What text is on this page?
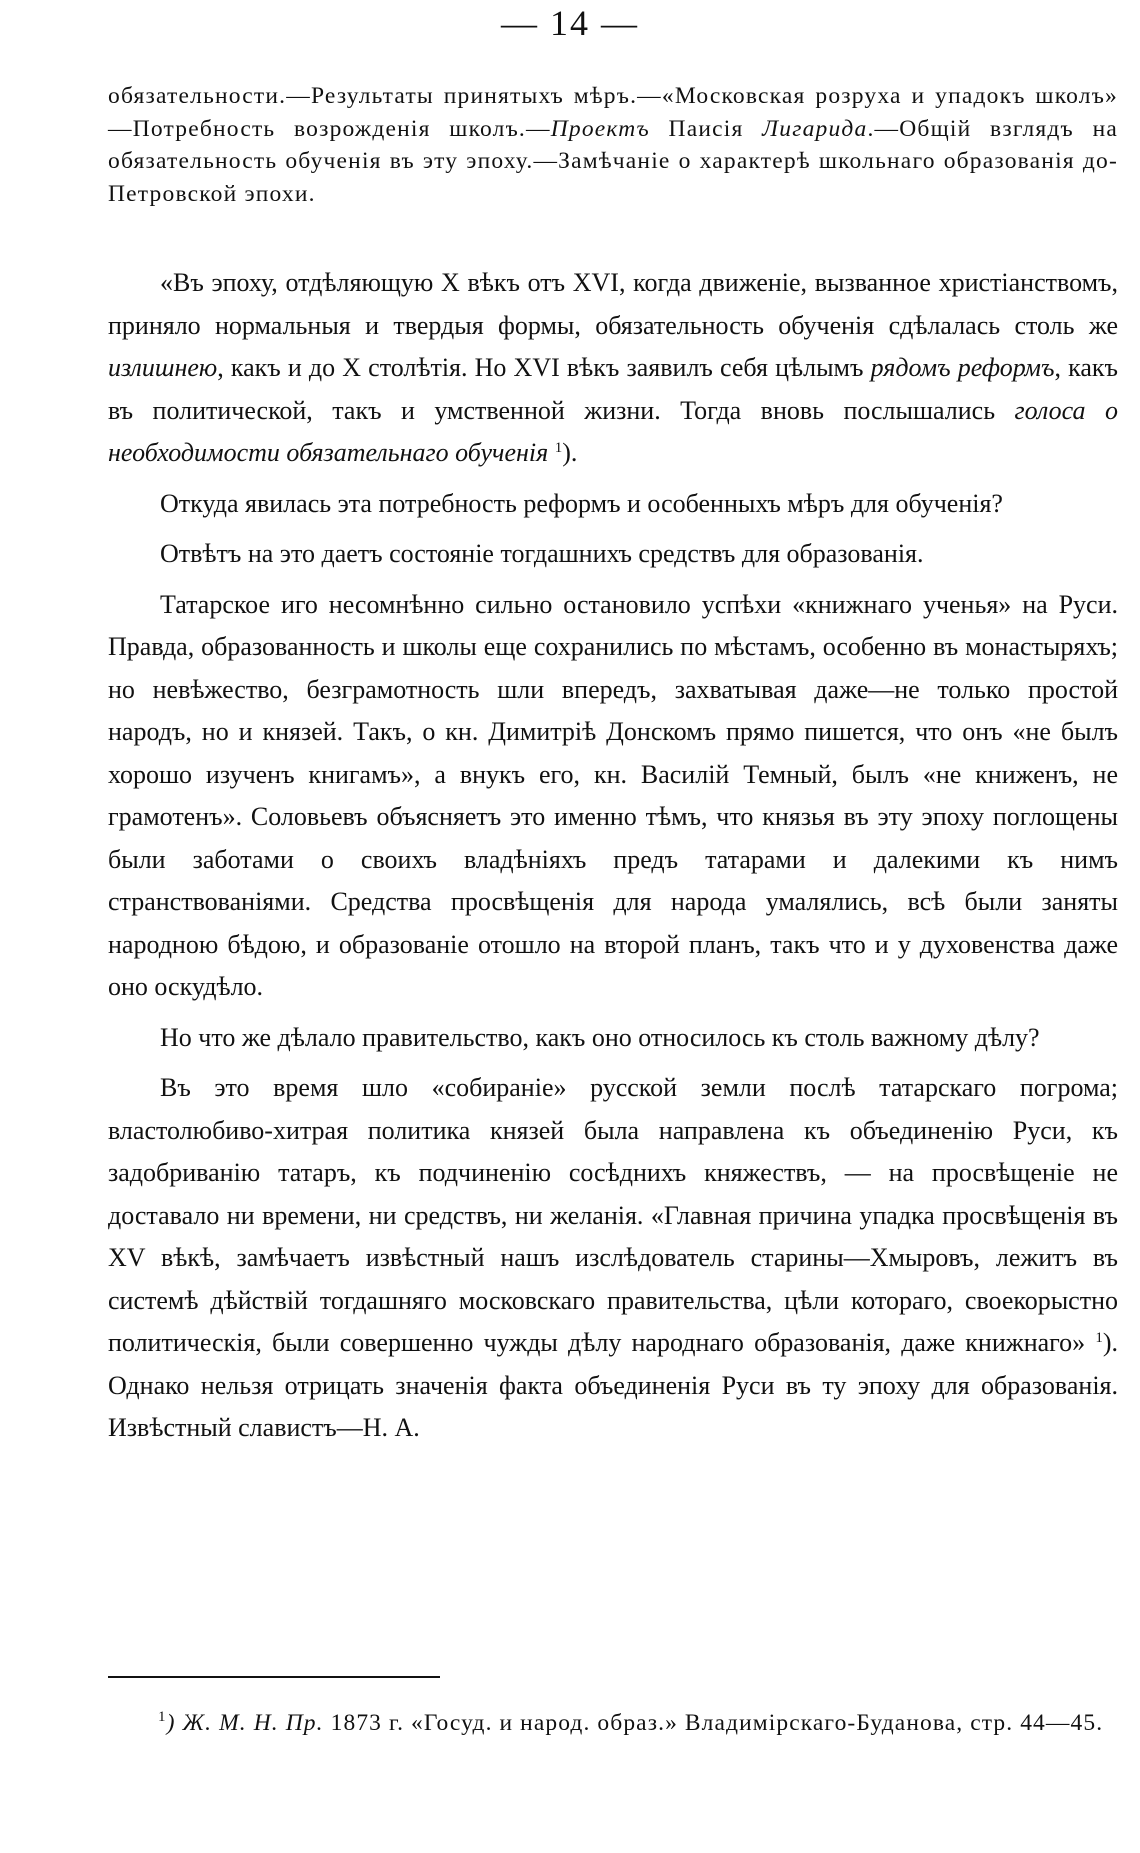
— 14 —
обязательности.—Результаты принятыхъ мѣръ.—«Московская розруха и упадокъ школъ» —Потребность возрожденія школъ.—Проектъ Паисія Лигарида.—Общій взглядъ на обязательность обученія въ эту эпоху.—Замѣчаніе о характерѣ школьнаго образованія до-Петровской эпохи.

«Въ эпоху, отдѣляющую X вѣкъ отъ XVI, когда движеніе, вызванное христіанствомъ, приняло нормальныя и твердыя формы, обязательность обученія сдѣлалась столь же излишнею, какъ и до X столѣтія. Но XVI вѣкъ заявилъ себя цѣлымъ рядомъ реформъ, какъ въ политической, такъ и умственной жизни. Тогда вновь послышались голоса о необходимости обязательнаго обученія $^1$).

Откуда явилась эта потребность реформъ и особенныхъ мѣръ для обученія?

Отвѣтъ на это даетъ состояніе тогдашнихъ средствъ для образованія.

Татарское иго несомнѣнно сильно остановило успѣхи «книжнаго ученья» на Руси. Правда, образованность и школы еще сохранились по мѣстамъ, особенно въ монастыряхъ; но невѣжество, безграмотность шли впередъ, захватывая даже—не только простой народъ, но и князей. Такъ, о кн. Димитріѣ Донскомъ прямо пишется, что онъ «не былъ хорошо изученъ книгамъ», а внукъ его, кн. Василій Темный, былъ «не книженъ, не грамотенъ». Соловьевъ объясняетъ это именно тѣмъ, что князья въ эту эпоху поглощены были заботами о своихъ владѣніяхъ предъ татарами и далекими къ нимъ странствованіями. Средства просвѣщенія для народа умалялись, всѣ были заняты народною бѣдою, и образованіе отошло на второй планъ, такъ что и у духовенства даже оно оскудѣло.

Но что же дѣлало правительство, какъ оно относилось къ столь важному дѣлу?

Въ это время шло «собираніе» русской земли послѣ татарскаго погрома; властолюбиво-хитрая политика князей была направлена къ объединенію Руси, къ задобриванію татаръ, къ подчиненію сосѣднихъ княжествъ, — на просвѣщеніе не доставало ни времени, ни средствъ, ни желанія. «Главная причина упадка просвѣщенія въ XV вѣкѣ, замѣчаетъ извѣстный нашъ изслѣдователь старины—Хмыровъ, лежитъ въ системѣ дѣйствій тогдашняго московскаго правительства, цѣли котораго, своекорыстно политическія, были совершенно чужды дѣлу народнаго образованія, даже книжнаго» $^1$). Однако нельзя отрицать значенія факта объединенія Руси въ ту эпоху для образованія. Извѣстный славистъ—Н. А.

$^1$) Ж. М. Н. Пр. 1873 г. «Госуд. и народ. образ.» Владимірскаго-Буданова, стр. 44—45.
